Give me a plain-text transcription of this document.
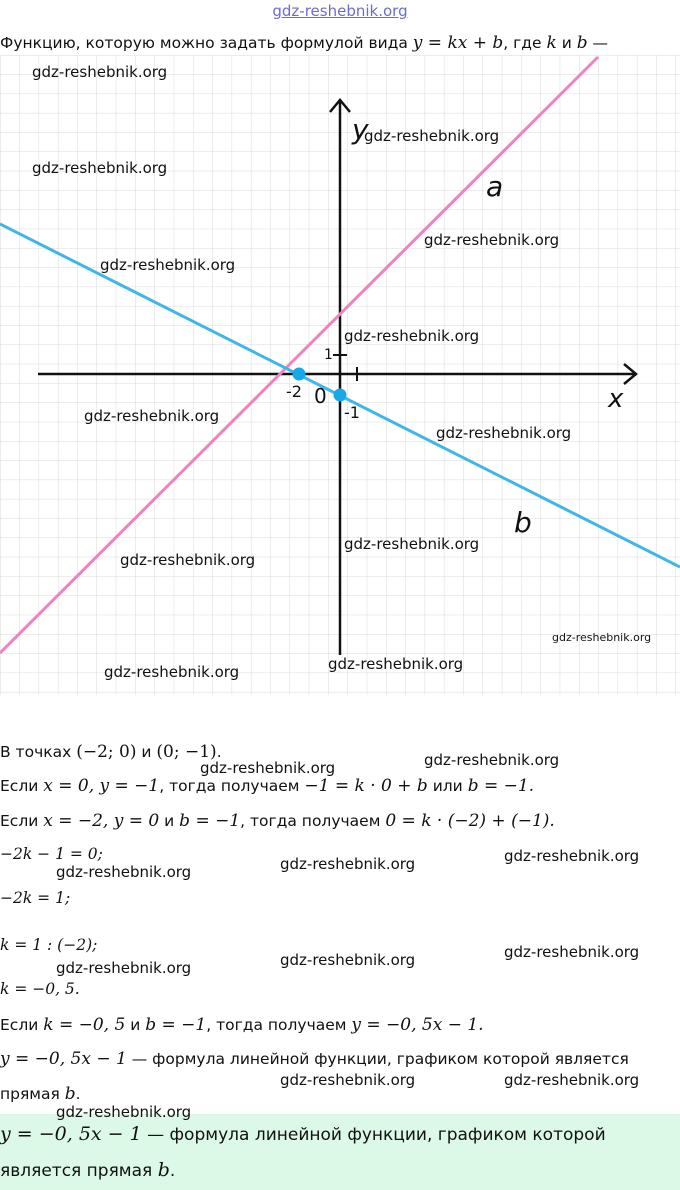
gdz-reshebnik.org
Функцию, которую можно задать формулой вида y = kx + b, где k и b —
y
x
0
1
-2
-1
a
b
В точках (−2; 0) и (0; −1).
Если x = 0, y = −1, тогда получаем −1 = k · 0 + b или b = −1.
Если x = −2, y = 0 и b = −1, тогда получаем 0 = k · (−2) + (−1).
−2k − 1 = 0;
−2k = 1;
k = 1 : (−2);
k = −0, 5.
Если k = −0, 5 и b = −1, тогда получаем y = −0, 5x − 1.
y = −0, 5x − 1 — формула линейной функции, графиком которой является
прямая b.
y = −0, 5x − 1 — формула линейной функции, графиком которой
является прямая b.
gdz-reshebnik.org
gdz-reshebnik.org
gdz-reshebnik.org
gdz-reshebnik.org
gdz-reshebnik.org
gdz-reshebnik.org
gdz-reshebnik.org
gdz-reshebnik.org
gdz-reshebnik.org
gdz-reshebnik.org
gdz-reshebnik.org
gdz-reshebnik.org
gdz-reshebnik.org
gdz-reshebnik.org
gdz-reshebnik.org
gdz-reshebnik.org
gdz-reshebnik.org
gdz-reshebnik.org
gdz-reshebnik.org
gdz-reshebnik.org
gdz-reshebnik.org
gdz-reshebnik.org	gdz-reshebnik.org
gdz-reshebnik.org
